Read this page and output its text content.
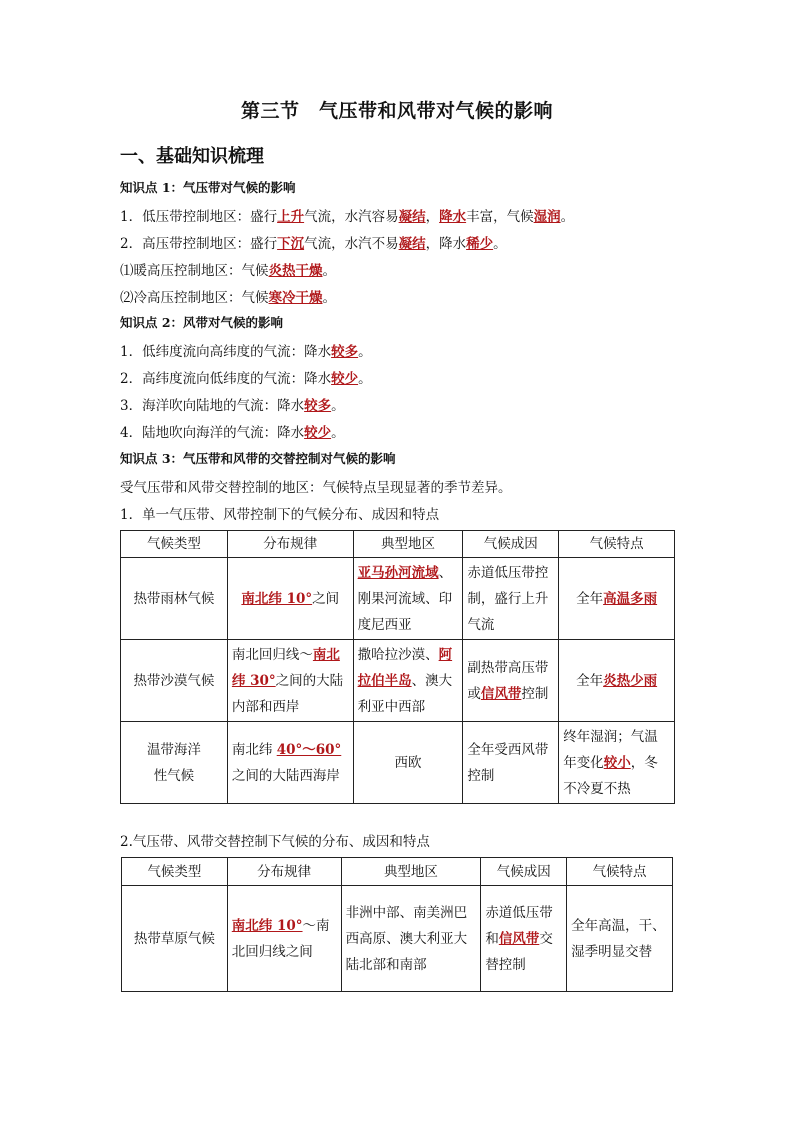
第三节　气压带和风带对气候的影响
一、基础知识梳理
知识点 1：气压带对气候的影响
1．低压带控制地区：盛行上升气流，水汽容易凝结，降水丰富，气候湿润。
2．高压带控制地区：盛行下沉气流，水汽不易凝结，降水稀少。
⑴暖高压控制地区：气候炎热干燥。
⑵冷高压控制地区：气候寒冷干燥。
知识点 2：风带对气候的影响
1．低纬度流向高纬度的气流：降水较多。
2．高纬度流向低纬度的气流：降水较少。
3．海洋吹向陆地的气流：降水较多。
4．陆地吹向海洋的气流：降水较少。
知识点 3：气压带和风带的交替控制对气候的影响
受气压带和风带交替控制的地区：气候特点呈现显著的季节差异。
1．单一气压带、风带控制下的气候分布、成因和特点
气候类型	分布规律	典型地区	气候成因	气候特点
热带雨林气候	南北纬 10°之间	亚马孙河流域、刚果河流域、印度尼西亚	赤道低压带控制，盛行上升气流	全年高温多雨
热带沙漠气候	南北回归线～南北纬 30°之间的大陆内部和西岸	撒哈拉沙漠、阿拉伯半岛、澳大利亚中西部	副热带高压带或信风带控制	全年炎热少雨

温带海洋性气候	南北纬 40°～60°之间的大陆西海岸	西欧	全年受西风带控制	终年湿润；气温年变化较小，冬不冷夏不热
2.气压带、风带交替控制下气候的分布、成因和特点
气候类型	分布规律	典型地区	气候成因	气候特点
热带草原气候	南北纬 10°～南北回归线之间	非洲中部、南美洲巴西高原、澳大利亚大陆北部和南部	赤道低压带和信风带交替控制	全年高温，干、湿季明显交替
